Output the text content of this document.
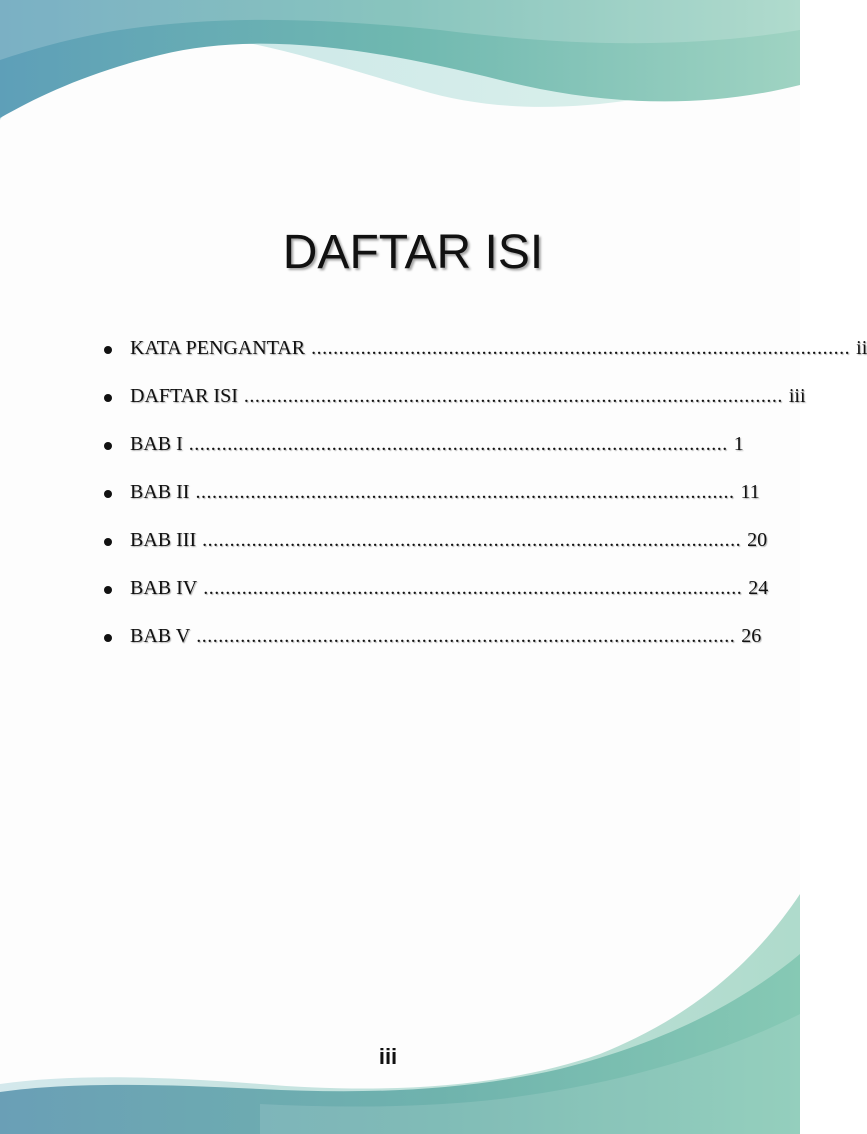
DAFTAR ISI
KATA PENGANTAR .................................................................................................. ii
DAFTAR ISI .................................................................................................. iii
BAB I .................................................................................................. 1
BAB II .................................................................................................. 11
BAB III .................................................................................................. 20
BAB IV .................................................................................................. 24
BAB V .................................................................................................. 26
iii
